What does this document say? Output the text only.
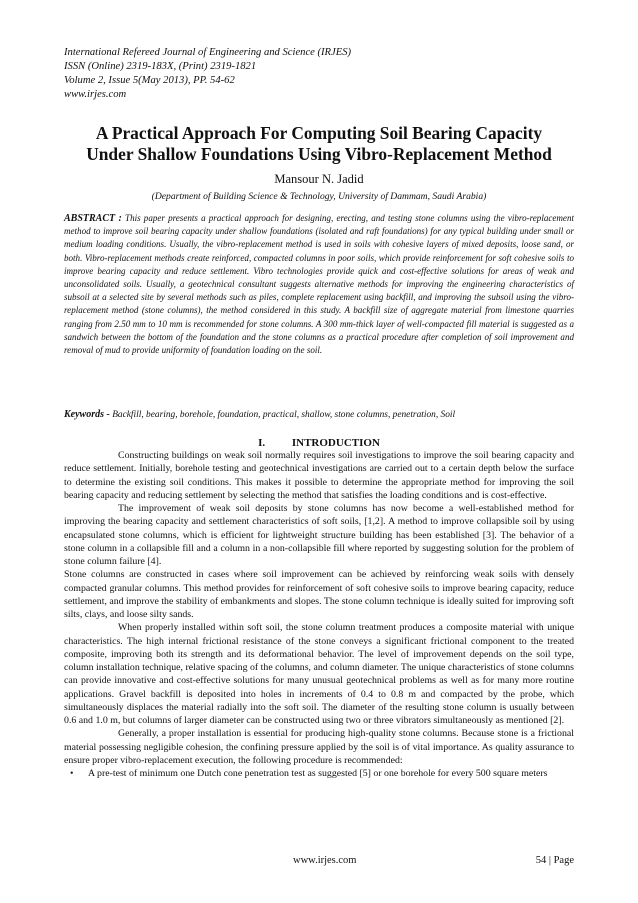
International Refereed Journal of Engineering and Science (IRJES)
ISSN (Online) 2319-183X, (Print) 2319-1821
Volume 2, Issue 5(May 2013), PP. 54-62
www.irjes.com
A Practical Approach For Computing Soil Bearing Capacity
Under Shallow Foundations Using Vibro-Replacement Method
Mansour N. Jadid
(Department of Building Science & Technology, University of Dammam, Saudi Arabia)
ABSTRACT : This paper presents a practical approach for designing, erecting, and testing stone columns using the vibro-replacement method to improve soil bearing capacity under shallow foundations (isolated and raft foundations) for any typical building under small or medium loading conditions. Usually, the vibro-replacement method is used in soils with cohesive layers of mixed deposits, loose sand, or both. Vibro-replacement methods create reinforced, compacted columns in poor soils, which provide reinforcement for soft cohesive soils to improve bearing capacity and reduce settlement. Vibro technologies provide quick and cost-effective solutions for areas of weak and unconsolidated soils. Usually, a geotechnical consultant suggests alternative methods for improving the engineering characteristics of subsoil at a selected site by several methods such as piles, complete replacement using backfill, and improving the subsoil using the vibro-replacement method (stone columns), the method considered in this study. A backfill size of aggregate material from limestone quarries ranging from 2.50 mm to 10 mm is recommended for stone columns. A 300 mm-thick layer of well-compacted fill material is suggested as a sandwich between the bottom of the foundation and the stone columns as a practical procedure after completion of soil improvement and removal of mud to provide uniformity of foundation loading on the soil.
Keywords - Backfill, bearing, borehole, foundation, practical, shallow, stone columns, penetration, Soil
I. INTRODUCTION

Constructing buildings on weak soil normally requires soil investigations to improve the soil bearing capacity and reduce settlement. Initially, borehole testing and geotechnical investigations are carried out to a certain depth below the surface to determine the existing soil conditions. This makes it possible to determine the appropriate method for improving the soil bearing capacity and reducing settlement by selecting the method that satisfies the loading conditions and is cost-effective.

The improvement of weak soil deposits by stone columns has now become a well-established method for improving the bearing capacity and settlement characteristics of soft soils, [1,2]. A method to improve collapsible soil by using encapsulated stone columns, which is efficient for lightweight structure building has been established [3]. The behavior of a stone column in a collapsible fill and a column in a non-collapsible fill where reported by suggesting solution for the problem of stone column failure [4].

Stone columns are constructed in cases where soil improvement can be achieved by reinforcing weak soils with densely compacted granular columns. This method provides for reinforcement of soft cohesive soils to improve bearing capacity, reduce settlement, and improve the stability of embankments and slopes. The stone column technique is ideally suited for improving soft silts, clays, and loose silty sands.

When properly installed within soft soil, the stone column treatment produces a composite material with unique characteristics. The high internal frictional resistance of the stone conveys a significant frictional component to the treated composite, improving both its strength and its deformational behavior. The level of improvement depends on the soil type, column installation technique, relative spacing of the columns, and column diameter. The unique characteristics of stone columns can provide innovative and cost-effective solutions for many unusual geotechnical problems as well as for many more routine applications. Gravel backfill is deposited into holes in increments of 0.4 to 0.8 m and compacted by the probe, which simultaneously displaces the material radially into the soft soil. The diameter of the resulting stone column is usually between 0.6 and 1.0 m, but columns of larger diameter can be constructed using two or three vibrators simultaneously as mentioned [2].

Generally, a proper installation is essential for producing high-quality stone columns. Because stone is a frictional material possessing negligible cohesion, the confining pressure applied by the soil is of vital importance. As quality assurance to ensure proper vibro-replacement execution, the following procedure is recommended:

• A pre-test of minimum one Dutch cone penetration test as suggested [5] or one borehole for every 500 square meters
www.irjes.com	54 | Page
